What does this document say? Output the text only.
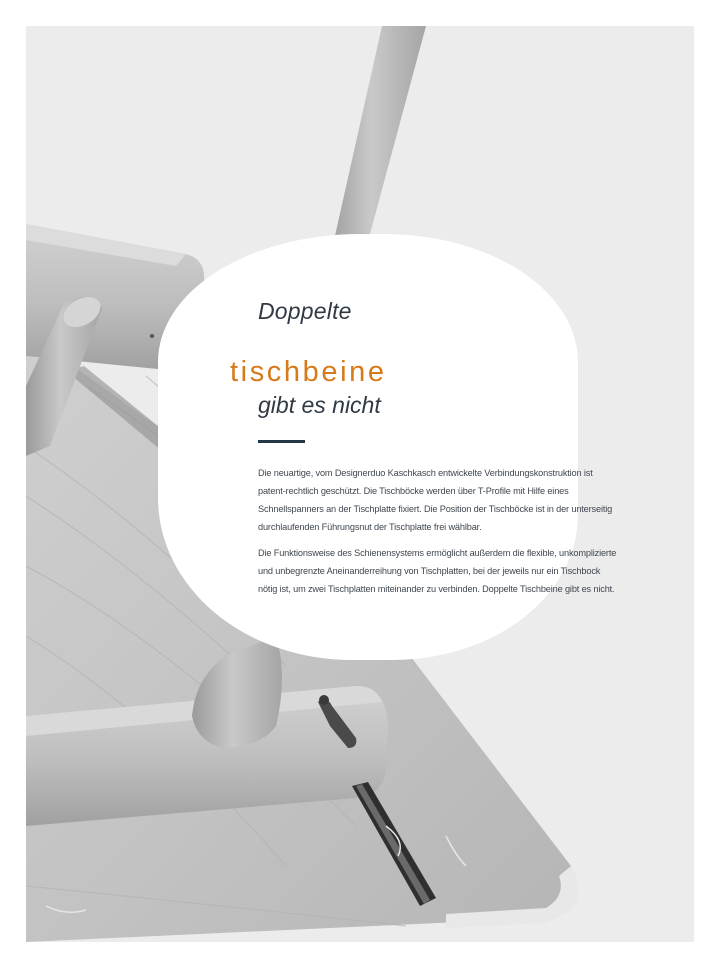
Doppelte

tischbeine

gibt es nicht

Die neuartige, vom Designerduo Kaschkasch entwickelte Verbindungskonstruktion ist patent-rechtlich geschützt. Die Tischböcke werden über T-Profile mit Hilfe eines Schnellspanners an der Tischplatte fixiert. Die Position der Tischböcke ist in der unterseitig durchlaufenden Führungsnut der Tischplatte frei wählbar.

Die Funktionsweise des Schienensystems ermöglicht außerdem die flexible, unkomplizierte und unbegrenzte Aneinanderreihung von Tischplatten, bei der jeweils nur ein Tischbock nötig ist, um zwei Tischplatten miteinander zu verbinden. Doppelte Tischbeine gibt es nicht.
